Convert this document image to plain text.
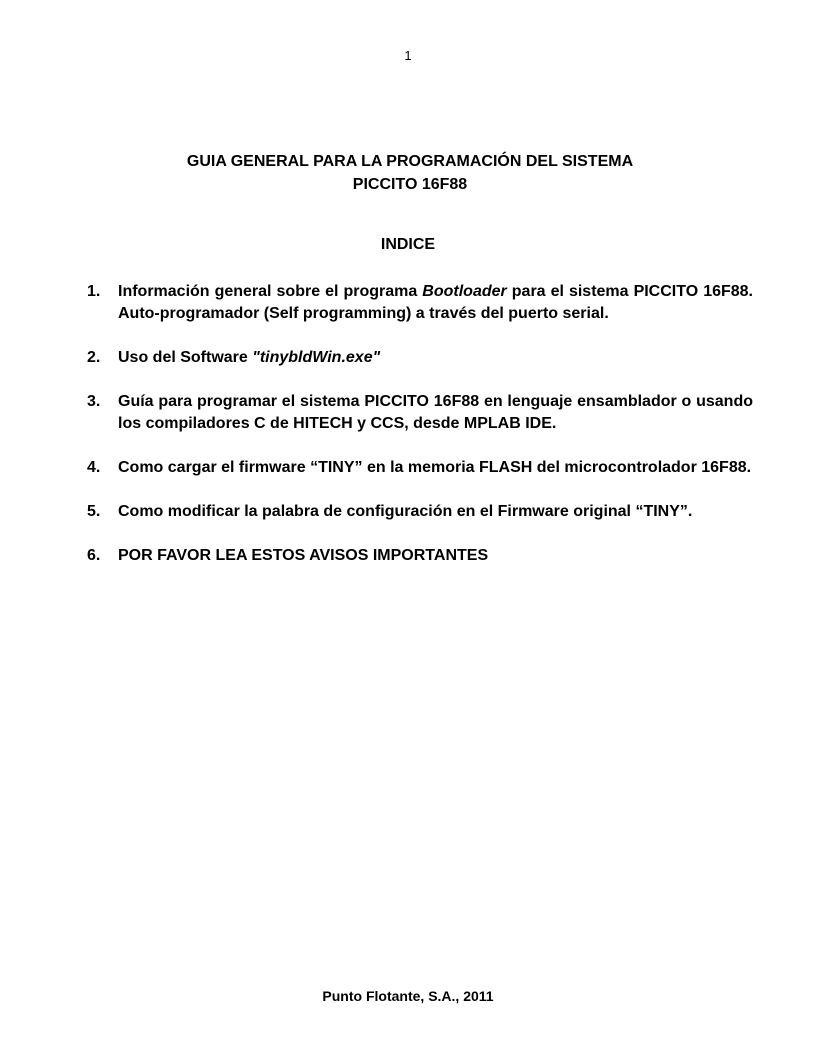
1
GUIA GENERAL PARA LA PROGRAMACIÓN DEL SISTEMA
PICCITO 16F88
INDICE
1. Información general sobre el programa Bootloader para el sistema PICCITO 16F88. Auto-programador (Self programming) a través del puerto serial.
2. Uso del Software "tinybldWin.exe"
3. Guía para programar el sistema PICCITO 16F88 en lenguaje ensamblador o usando los compiladores C de HITECH y CCS, desde MPLAB IDE.
4. Como cargar el firmware “TINY” en la memoria FLASH del microcontrolador 16F88.
5. Como modificar la palabra de configuración en el Firmware original “TINY”.
6. POR FAVOR LEA ESTOS AVISOS IMPORTANTES
Punto Flotante, S.A., 2011
